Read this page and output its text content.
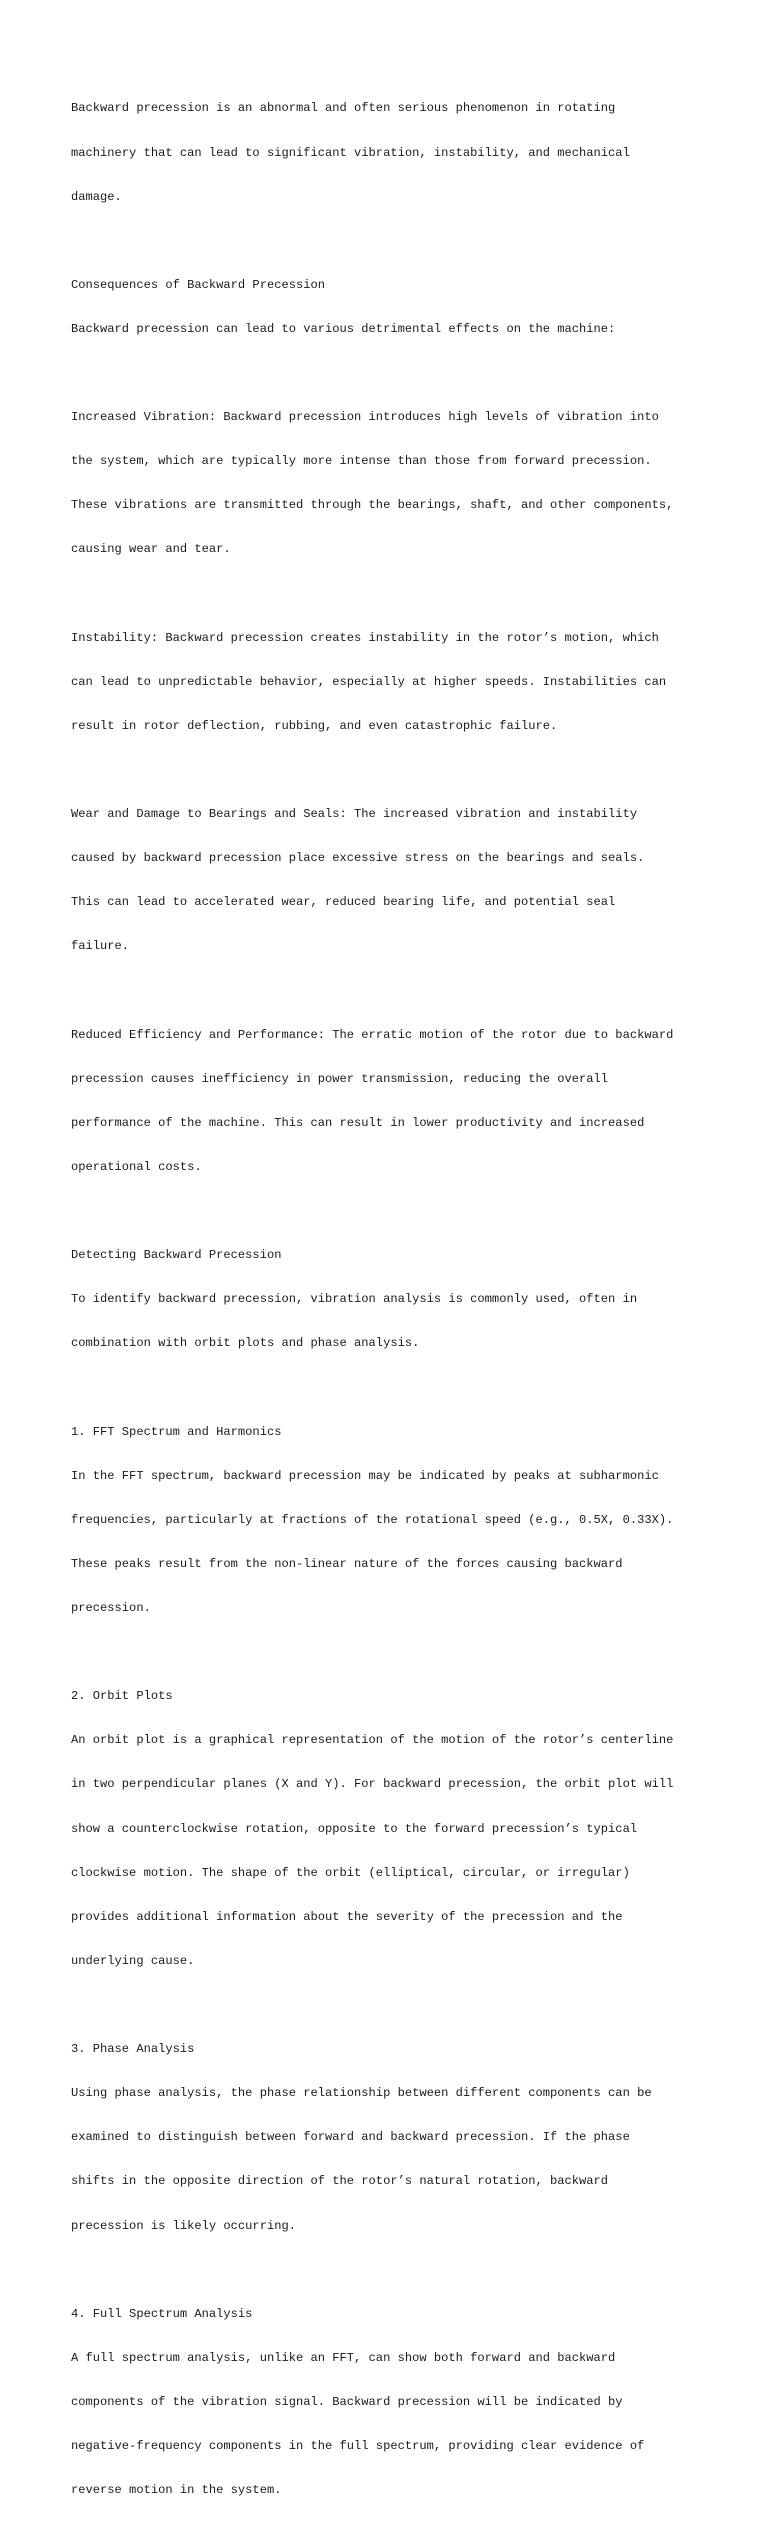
Backward precession is an abnormal and often serious phenomenon in rotating

machinery that can lead to significant vibration, instability, and mechanical

damage.

Consequences of Backward Precession

Backward precession can lead to various detrimental effects on the machine:

Increased Vibration: Backward precession introduces high levels of vibration into

the system, which are typically more intense than those from forward precession.

These vibrations are transmitted through the bearings, shaft, and other components,

causing wear and tear.

Instability: Backward precession creates instability in the rotor’s motion, which

can lead to unpredictable behavior, especially at higher speeds. Instabilities can

result in rotor deflection, rubbing, and even catastrophic failure.

Wear and Damage to Bearings and Seals: The increased vibration and instability

caused by backward precession place excessive stress on the bearings and seals.

This can lead to accelerated wear, reduced bearing life, and potential seal

failure.

Reduced Efficiency and Performance: The erratic motion of the rotor due to backward

precession causes inefficiency in power transmission, reducing the overall

performance of the machine. This can result in lower productivity and increased

operational costs.

Detecting Backward Precession

To identify backward precession, vibration analysis is commonly used, often in

combination with orbit plots and phase analysis.

1. FFT Spectrum and Harmonics

In the FFT spectrum, backward precession may be indicated by peaks at subharmonic

frequencies, particularly at fractions of the rotational speed (e.g., 0.5X, 0.33X).

These peaks result from the non-linear nature of the forces causing backward

precession.

2. Orbit Plots

An orbit plot is a graphical representation of the motion of the rotor’s centerline

in two perpendicular planes (X and Y). For backward precession, the orbit plot will

show a counterclockwise rotation, opposite to the forward precession’s typical

clockwise motion. The shape of the orbit (elliptical, circular, or irregular)

provides additional information about the severity of the precession and the

underlying cause.

3. Phase Analysis

Using phase analysis, the phase relationship between different components can be

examined to distinguish between forward and backward precession. If the phase

shifts in the opposite direction of the rotor’s natural rotation, backward

precession is likely occurring.

4. Full Spectrum Analysis

A full spectrum analysis, unlike an FFT, can show both forward and backward

components of the vibration signal. Backward precession will be indicated by

negative-frequency components in the full spectrum, providing clear evidence of

reverse motion in the system.
